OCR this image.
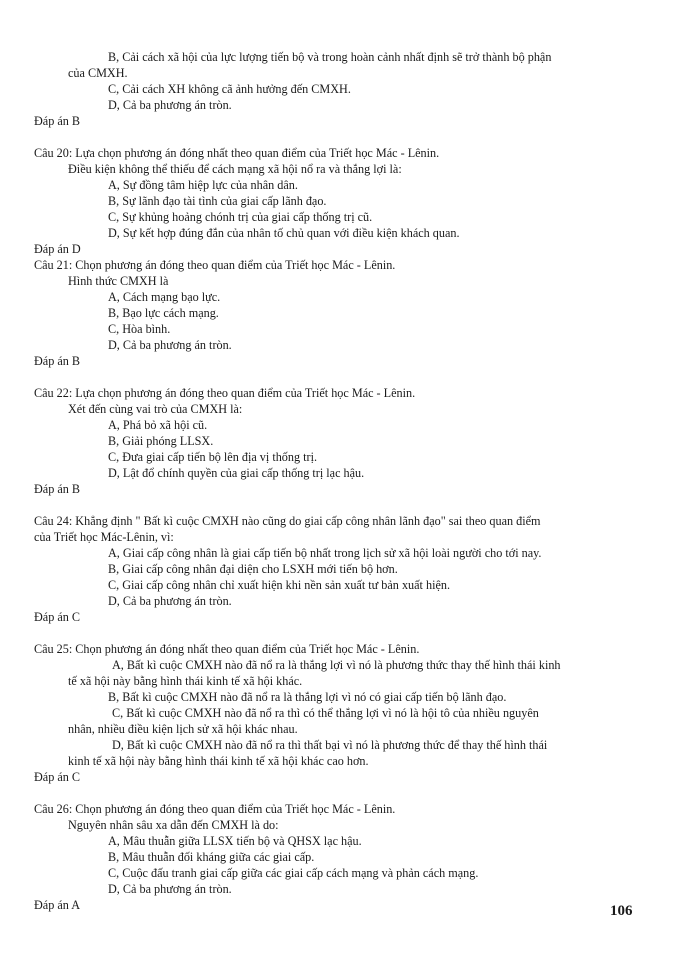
B, Cải cách xã hội của lực lượng tiến bộ và trong hoàn cảnh nhất định sẽ trở thành bộ phận
của CMXH.
C, Cải cách XH không cã ảnh hưởng đến CMXH.
D, Cả ba phương án tròn.
Đáp án B
Câu 20: Lựa chọn phương án đóng nhất theo quan điểm của Triết học Mác - Lênin.
Điều kiện không thể thiếu để cách mạng xã hội nổ ra và thắng lợi là:
A, Sự đồng tâm hiệp lực của nhân dân.
B, Sự lãnh đạo tài tình của giai cấp lãnh đạo.
C, Sự khủng hoảng chónh trị của giai cấp thống trị cũ.
D, Sự kết hợp đúng đắn của nhân tố chủ quan với điều kiện khách quan.
Đáp án D
Câu 21: Chọn phương án đóng theo quan điểm của Triết học Mác - Lênin.
Hình thức CMXH là
A, Cách mạng bạo lực.
B, Bạo lực cách mạng.
C, Hòa bình.
D, Cả ba phương án tròn.
Đáp án B
Câu 22: Lựa chọn phương án đóng theo quan điểm của Triết học Mác - Lênin.
Xét đến cùng vai trò của CMXH là:
A, Phá bỏ xã hội cũ.
B, Giải phóng LLSX.
C, Đưa giai cấp tiến bộ lên địa vị thống trị.
D, Lật đổ chính quyền của giai cấp thống trị lạc hậu.
Đáp án B
Câu 24: Khẳng định " Bất kì cuộc CMXH nào cũng do giai cấp công nhân lãnh đạo" sai theo quan điểm
của Triết học Mác-Lênin, vì:
A, Giai cấp công nhân là giai cấp tiến bộ nhất trong lịch sử xã hội loài người cho tới nay.
B, Giai cấp công nhân đại diện cho LSXH mới tiến bộ hơn.
C, Giai cấp công nhân chỉ xuất hiện khi nền sản xuất tư bản xuất hiện.
D, Cả ba phương án tròn.
Đáp án C
Câu 25: Chọn phương án đóng nhất theo quan điểm của Triết học Mác - Lênin.
A, Bất kì cuộc CMXH nào đã nổ ra là thắng lợi vì nó là phương thức thay thế hình thái kinh
tế xã hội này bằng hình thái kinh tế xã hội khác.
B, Bất kì cuộc CMXH nào đã nổ ra là thắng lợi vì nó có giai cấp tiến bộ lãnh đạo.
C, Bất kì cuộc CMXH nào đã nổ ra thì có thể thắng lợi vì nó là hội tô của nhiều nguyên
nhân, nhiều điều kiện lịch sử xã hội khác nhau.
D, Bất kì cuộc CMXH nào đã nổ ra thì thất bại vì nó là phương thức để thay thế hình thái
kinh tế xã hội này bằng hình thái kinh tế xã hội khác cao hơn.
Đáp án C
Câu 26: Chọn phương án đóng theo quan điểm của Triết học Mác - Lênin.
Nguyên nhân sâu xa dẫn đến CMXH là do:
A, Mâu thuẫn giữa LLSX tiến bộ và QHSX lạc hậu.
B, Mâu thuẫn đối kháng giữa các giai cấp.
C, Cuộc đấu tranh giai cấp giữa các giai cấp cách mạng và phản cách mạng.
D, Cả ba phương án tròn.
Đáp án A	106
